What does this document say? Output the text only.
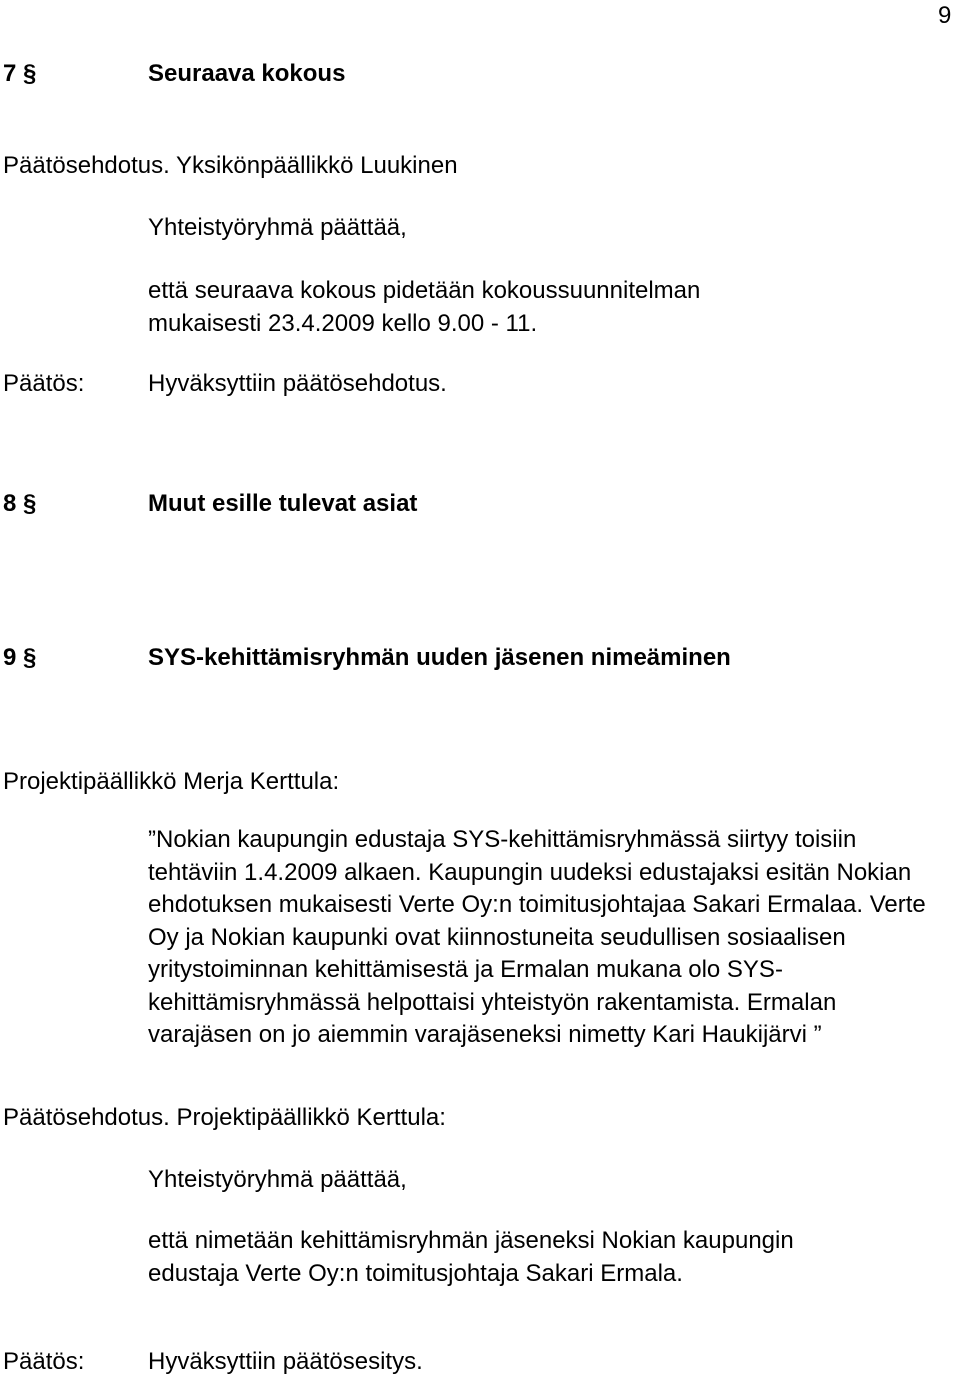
9
7 §	Seuraava kokous
Päätösehdotus. Yksikönpäällikkö Luukinen
Yhteistyöryhmä päättää,
että seuraava kokous pidetään kokoussuunnitelman mukaisesti 23.4.2009 kello 9.00 - 11.
Päätös:	Hyväksyttiin päätösehdotus.
8 §	Muut esille tulevat asiat
9 §	SYS-kehittämisryhmän uuden jäsenen nimeäminen
Projektipäällikkö Merja Kerttula:
”Nokian kaupungin edustaja SYS-kehittämisryhmässä siirtyy toisiin tehtäviin 1.4.2009 alkaen. Kaupungin uudeksi edustajaksi esitän Nokian ehdotuksen mukaisesti Verte Oy:n toimitusjohtajaa Sakari Ermalaa. Verte Oy ja Nokian kaupunki ovat kiinnostuneita seudullisen sosiaalisen yritystoiminnan kehittämisestä ja Ermalan mukana olo SYS-kehittämisryhmässä helpottaisi yhteistyön rakentamista. Ermalan varajäsen on jo aiemmin varajäseneksi nimetty Kari Haukijärvi ”
Päätösehdotus. Projektipäällikkö Kerttula:
Yhteistyöryhmä päättää,
että nimetään kehittämisryhmän jäseneksi Nokian kaupungin edustaja Verte Oy:n toimitusjohtaja Sakari Ermala.
Päätös:	Hyväksyttiin päätösesitys.
